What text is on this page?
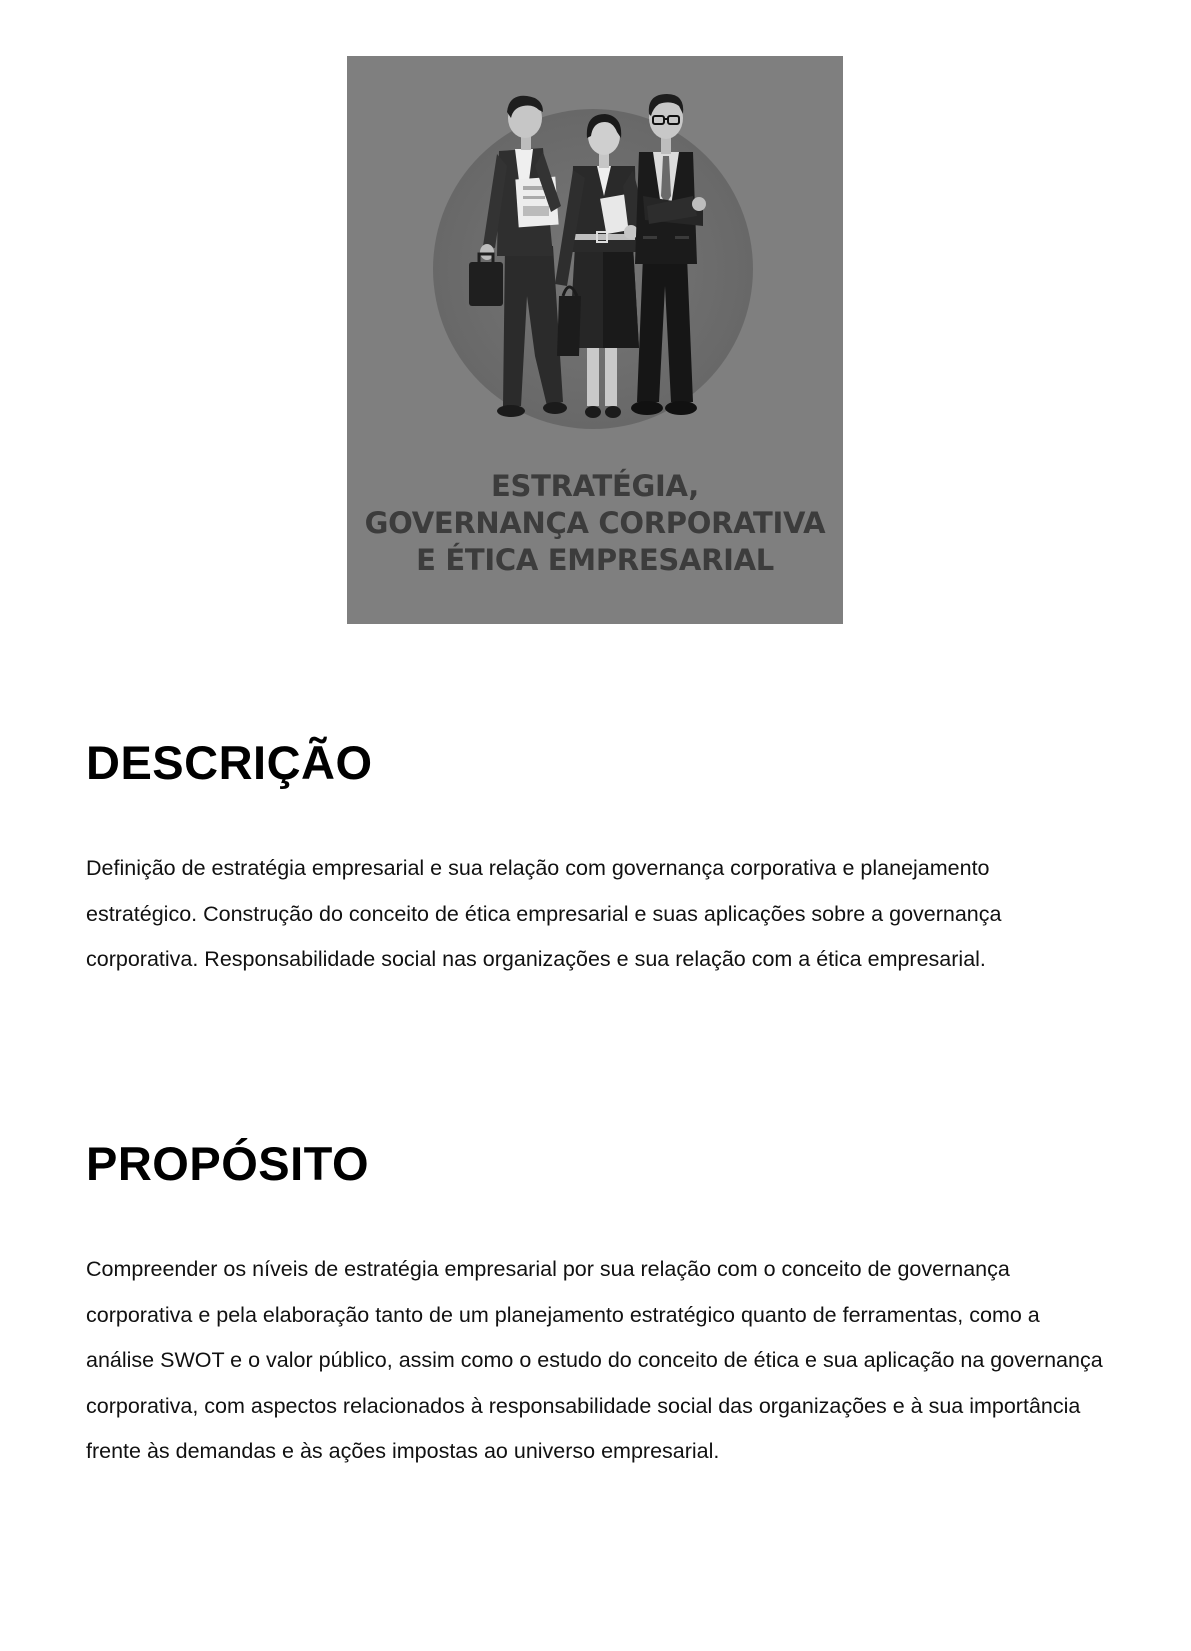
ESTRATÉGIA,
GOVERNANÇA CORPORATIVA
E ÉTICA EMPRESARIAL
DESCRIÇÃO

Definição de estratégia empresarial e sua relação com governança corporativa e planejamento estratégico. Construção do conceito de ética empresarial e suas aplicações sobre a governança corporativa. Responsabilidade social nas organizações e sua relação com a ética empresarial.

PROPÓSITO

Compreender os níveis de estratégia empresarial por sua relação com o conceito de governança corporativa e pela elaboração tanto de um planejamento estratégico quanto de ferramentas, como a análise SWOT e o valor público, assim como o estudo do conceito de ética e sua aplicação na governança corporativa, com aspectos relacionados à responsabilidade social das organizações e à sua importância frente às demandas e às ações impostas ao universo empresarial.
